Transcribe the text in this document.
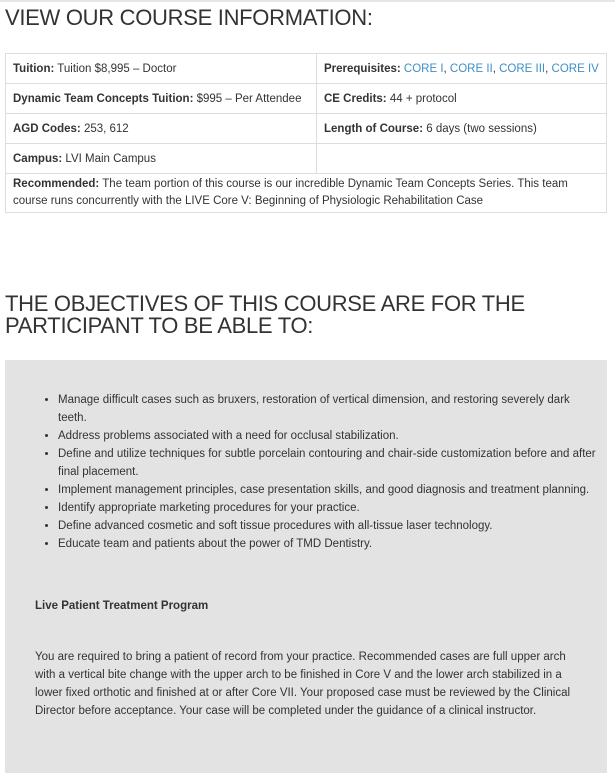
VIEW OUR COURSE INFORMATION:
Tuition: Tuition $8,995 – Doctor	Prerequisites: CORE I, CORE II, CORE III, CORE IV
Dynamic Team Concepts Tuition: $995 – Per Attendee	CE Credits: 44 + protocol
AGD Codes: 253, 612	Length of Course: 6 days (two sessions)
Campus: LVI Main Campus	
Recommended: The team portion of this course is our incredible Dynamic Team Concepts Series. This team course runs concurrently with the LIVE Core V: Beginning of Physiologic Rehabilitation Case	
THE OBJECTIVES OF THIS COURSE ARE FOR THE PARTICIPANT TO BE ABLE TO:
• Manage difficult cases such as bruxers, restoration of vertical dimension, and restoring severely dark teeth.
• Address problems associated with a need for occlusal stabilization.
• Define and utilize techniques for subtle porcelain contouring and chair-side customization before and after final placement.
• Implement management principles, case presentation skills, and good diagnosis and treatment planning.
• Identify appropriate marketing procedures for your practice.
• Define advanced cosmetic and soft tissue procedures with all-tissue laser technology.
• Educate team and patients about the power of TMD Dentistry.

Live Patient Treatment Program

You are required to bring a patient of record from your practice. Recommended cases are full upper arch with a vertical bite change with the upper arch to be finished in Core V and the lower arch stabilized in a lower fixed orthotic and finished at or after Core VII. Your proposed case must be reviewed by the Clinical Director before acceptance. Your case will be completed under the guidance of a clinical instructor.
